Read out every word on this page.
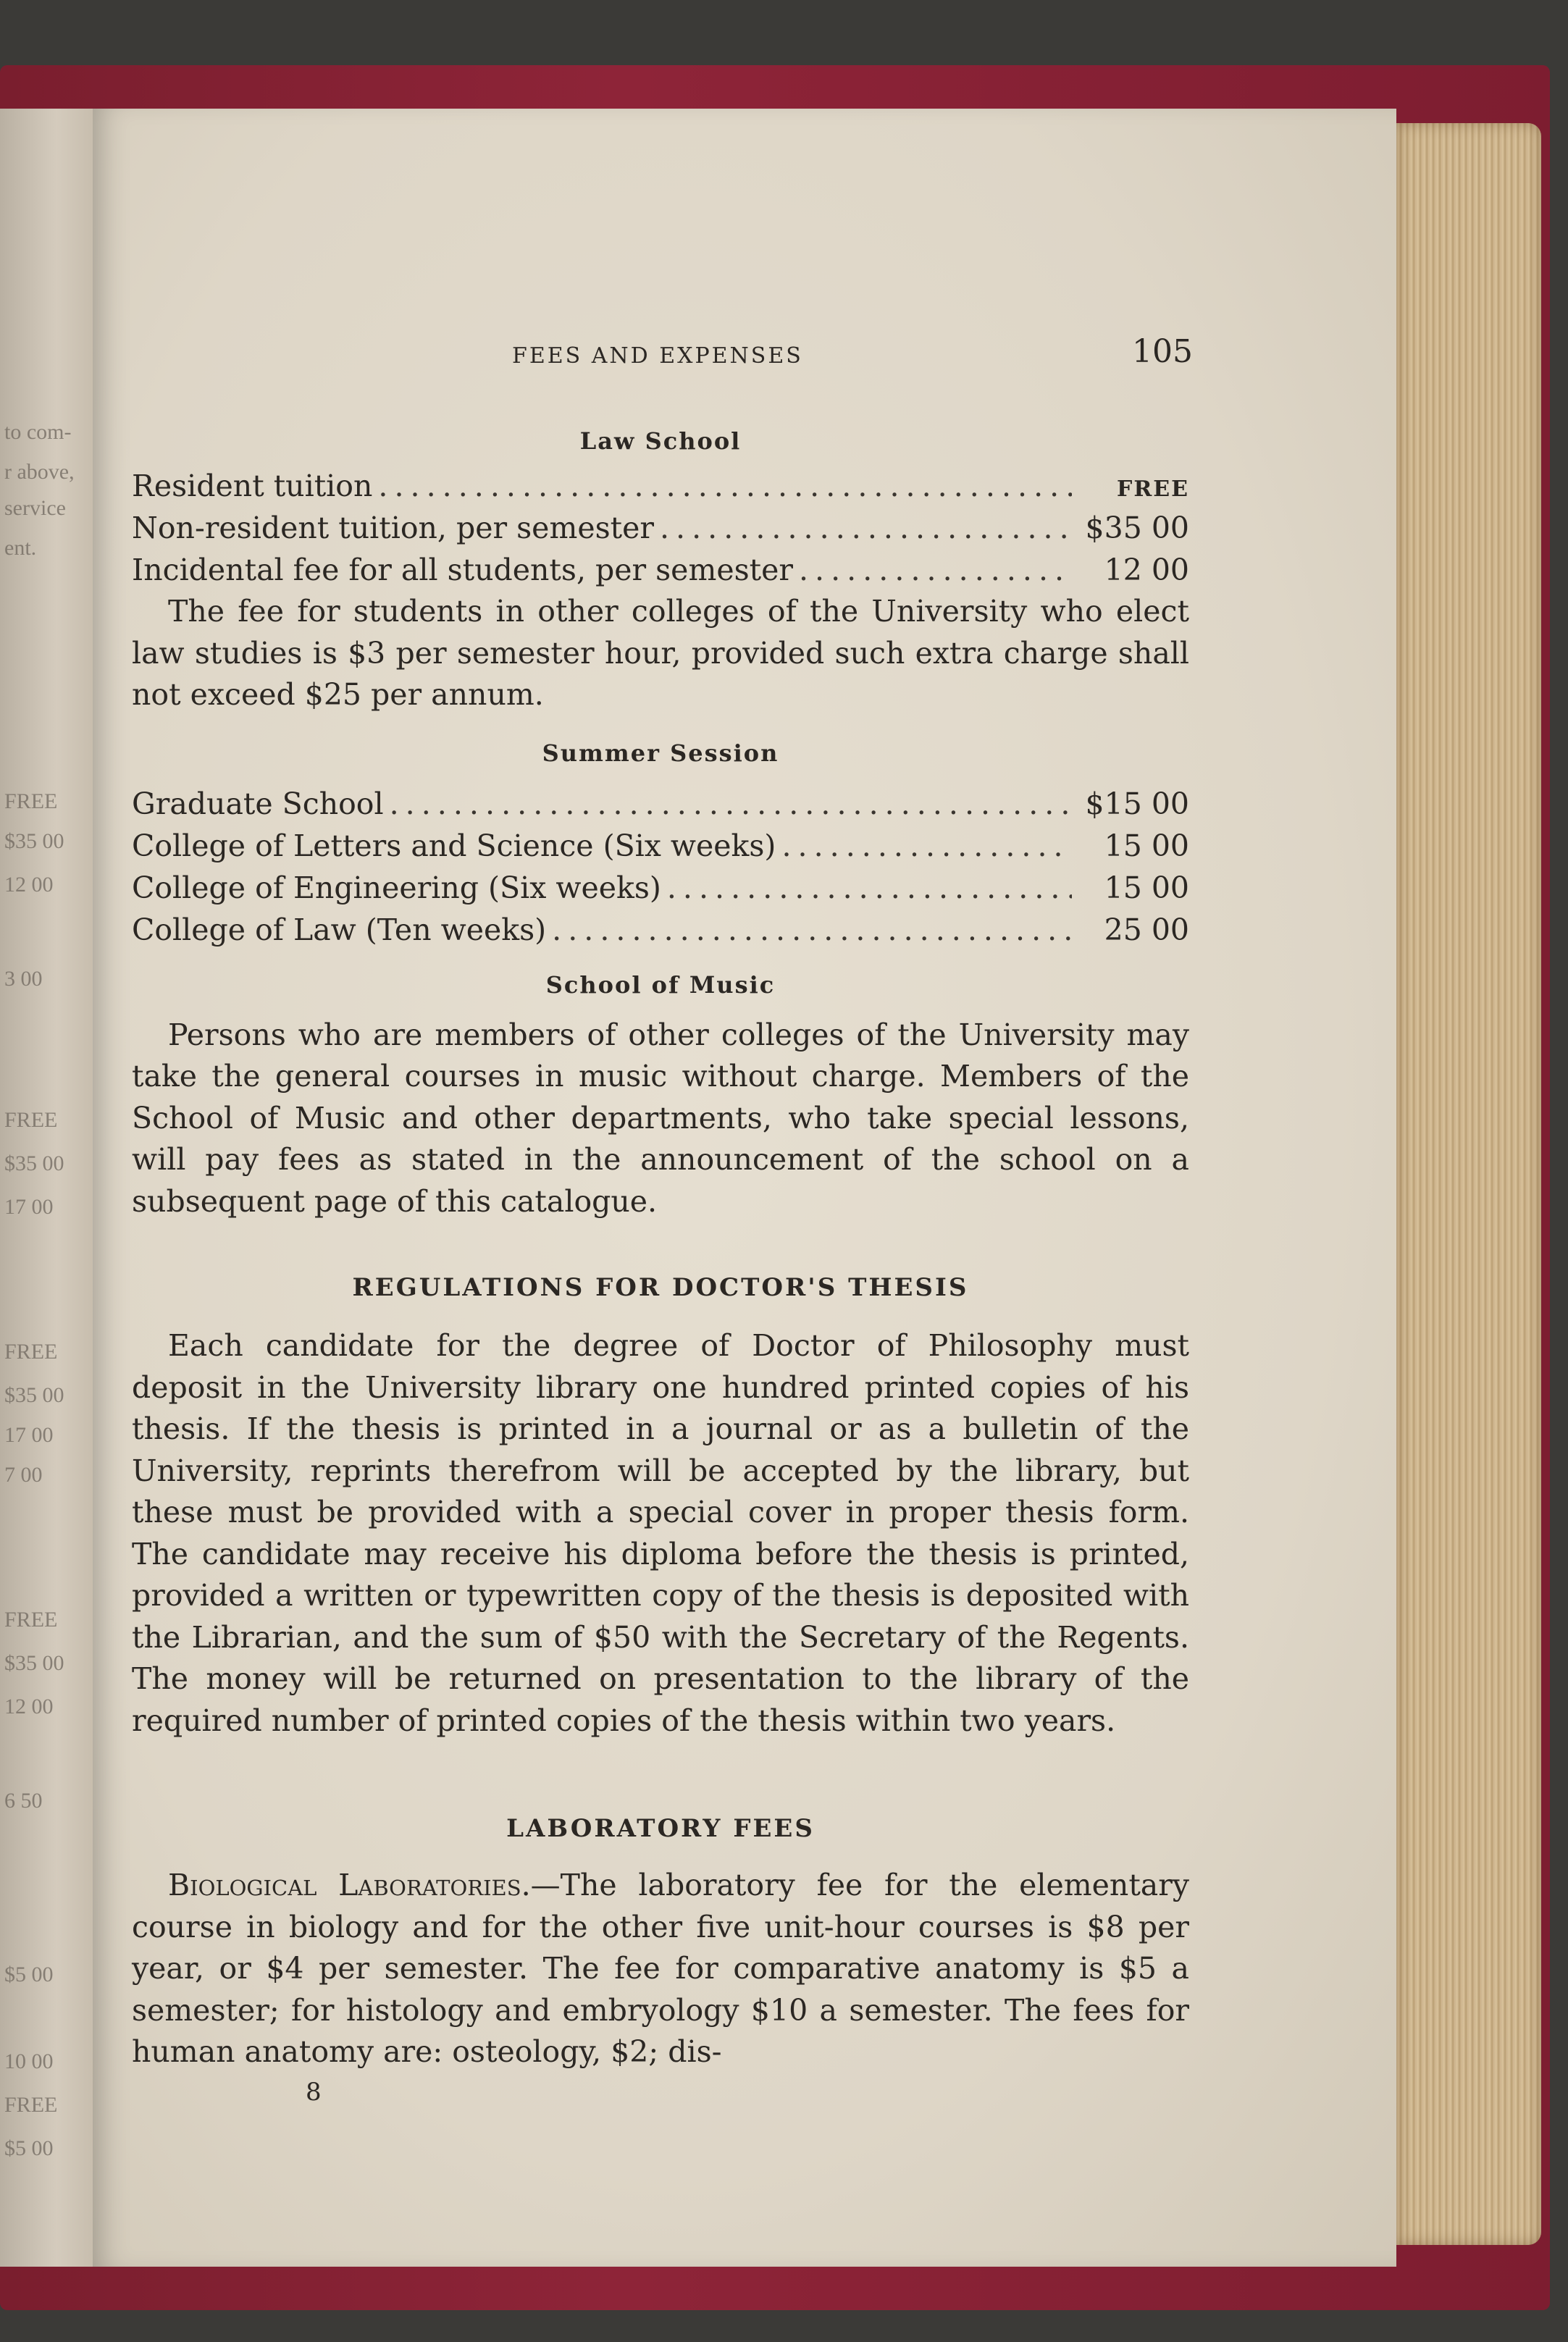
to com-
r above,
service
ent.
FREE
$35 00
12 00
3 00
FREE
$35 00
17 00
FREE
$35 00
17 00
7 00
FREE
$35 00
12 00
6 50
$5 00
10 00
FREE
$5 00
FEES AND EXPENSES	105

Law School

Resident tuition . . .	FREE
Non-resident tuition, per semester . . .	$35 00
Incidental fee for all students, per semester . . .	12 00

The fee for students in other colleges of the University who elect law studies is $3 per semester hour, provided such extra charge shall not exceed $25 per annum.

Summer Session

Graduate School . . .	$15 00
College of Letters and Science (Six weeks) . . .	15 00
College of Engineering (Six weeks) . . .	15 00
College of Law (Ten weeks) . . .	25 00

School of Music

Persons who are members of other colleges of the University may take the general courses in music without charge. Members of the School of Music and other departments, who take special lessons, will pay fees as stated in the announcement of the school on a subsequent page of this catalogue.

REGULATIONS FOR DOCTOR'S THESIS

Each candidate for the degree of Doctor of Philosophy must deposit in the University library one hundred printed copies of his thesis. If the thesis is printed in a journal or as a bulletin of the University, reprints therefrom will be accepted by the library, but these must be provided with a special cover in proper thesis form. The candidate may receive his diploma before the thesis is printed, provided a written or typewritten copy of the thesis is deposited with the Librarian, and the sum of $50 with the Secretary of the Regents. The money will be returned on presentation to the library of the required number of printed copies of the thesis within two years.

LABORATORY FEES

Biological Laboratories.—The laboratory fee for the elementary course in biology and for the other five unit-hour courses is $8 per year, or $4 per semester. The fee for comparative anatomy is $5 a semester; for histology and embryology $10 a semester. The fees for human anatomy are: osteology, $2; dis-

8
